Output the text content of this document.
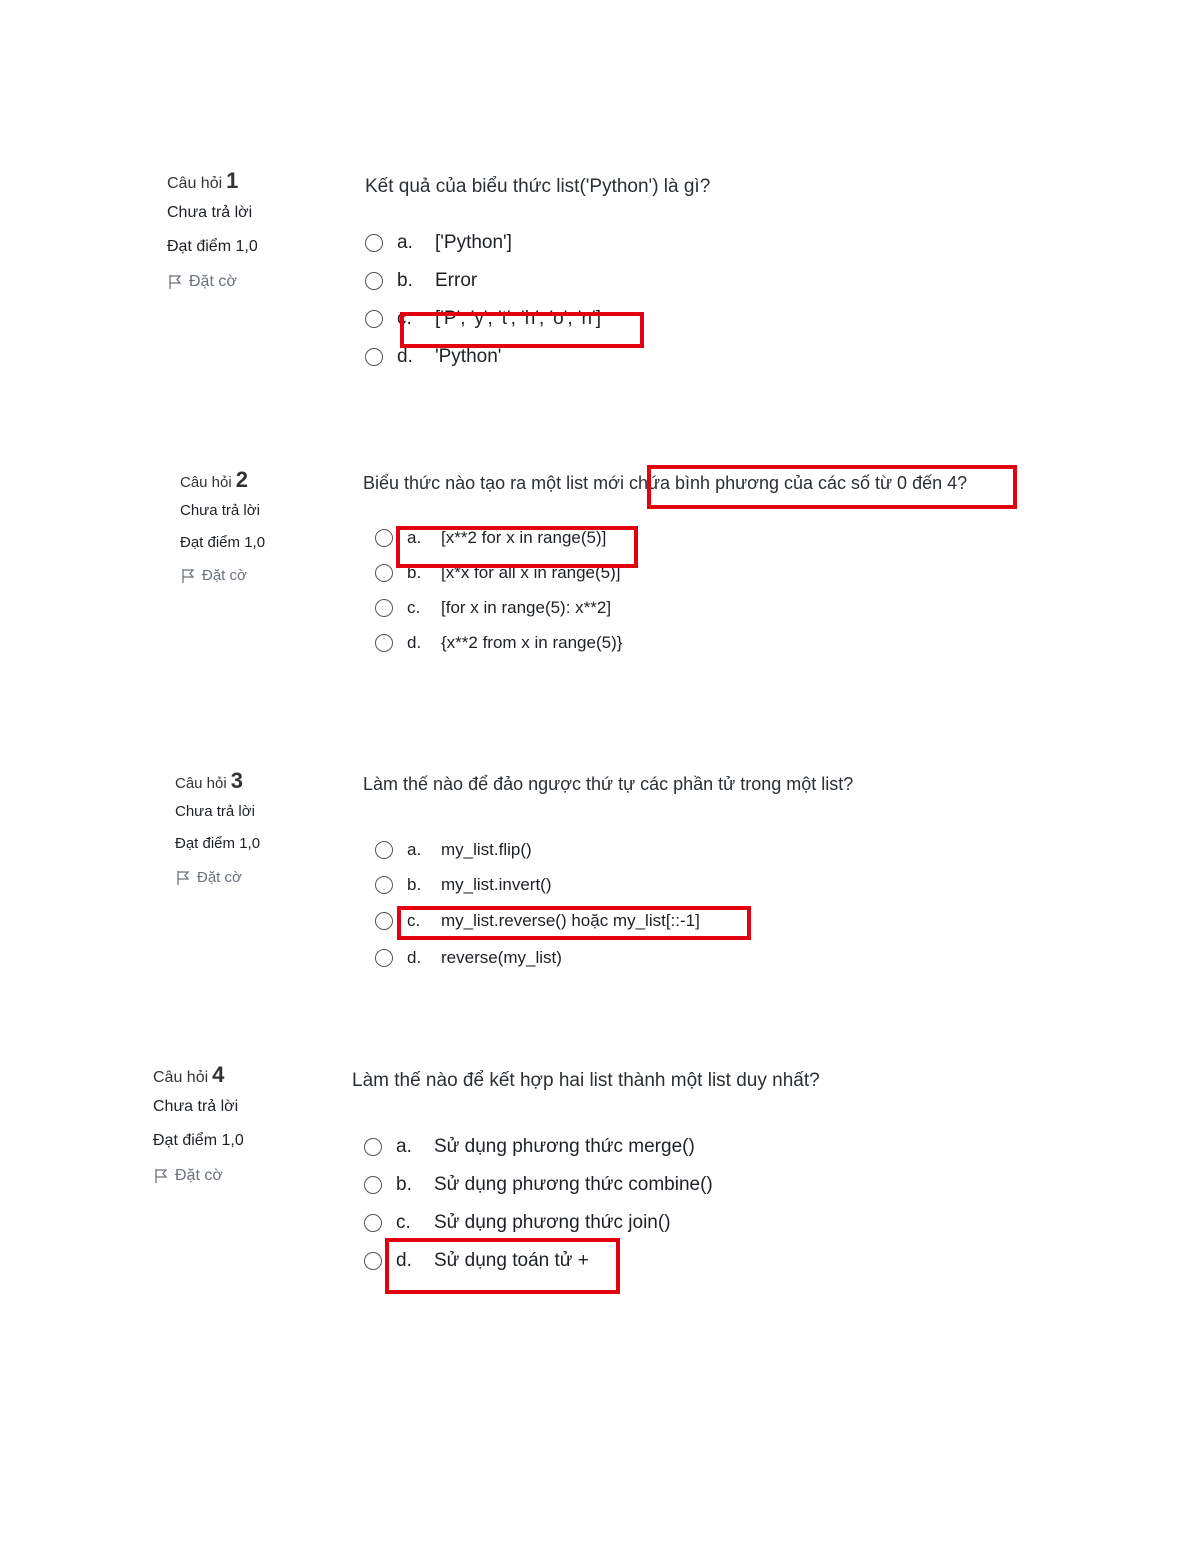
Câu hỏi 1
Chưa trả lời
Đạt điểm 1,0
Đặt cờ
Kết quả của biểu thức list('Python') là gì?
a.	['Python']
b.	Error
c.	['P', 'y', 't', 'h', 'o', 'n']
d.	'Python'
Câu hỏi 2
Chưa trả lời
Đạt điểm 1,0
Đặt cờ
Biểu thức nào tạo ra một list mới chứa bình phương của các số từ 0 đến 4?
a.	[x**2 for x in range(5)]
b.	[x*x for all x in range(5)]
c.	[for x in range(5): x**2]
d.	{x**2 from x in range(5)}
Câu hỏi 3
Chưa trả lời
Đạt điểm 1,0
Đặt cờ
Làm thế nào để đảo ngược thứ tự các phần tử trong một list?
a.	my_list.flip()
b.	my_list.invert()
c.	my_list.reverse() hoặc my_list[::-1]
d.	reverse(my_list)
Câu hỏi 4
Chưa trả lời
Đạt điểm 1,0
Đặt cờ
Làm thế nào để kết hợp hai list thành một list duy nhất?
a.	Sử dụng phương thức merge()
b.	Sử dụng phương thức combine()
c.	Sử dụng phương thức join()
d.	Sử dụng toán tử +
